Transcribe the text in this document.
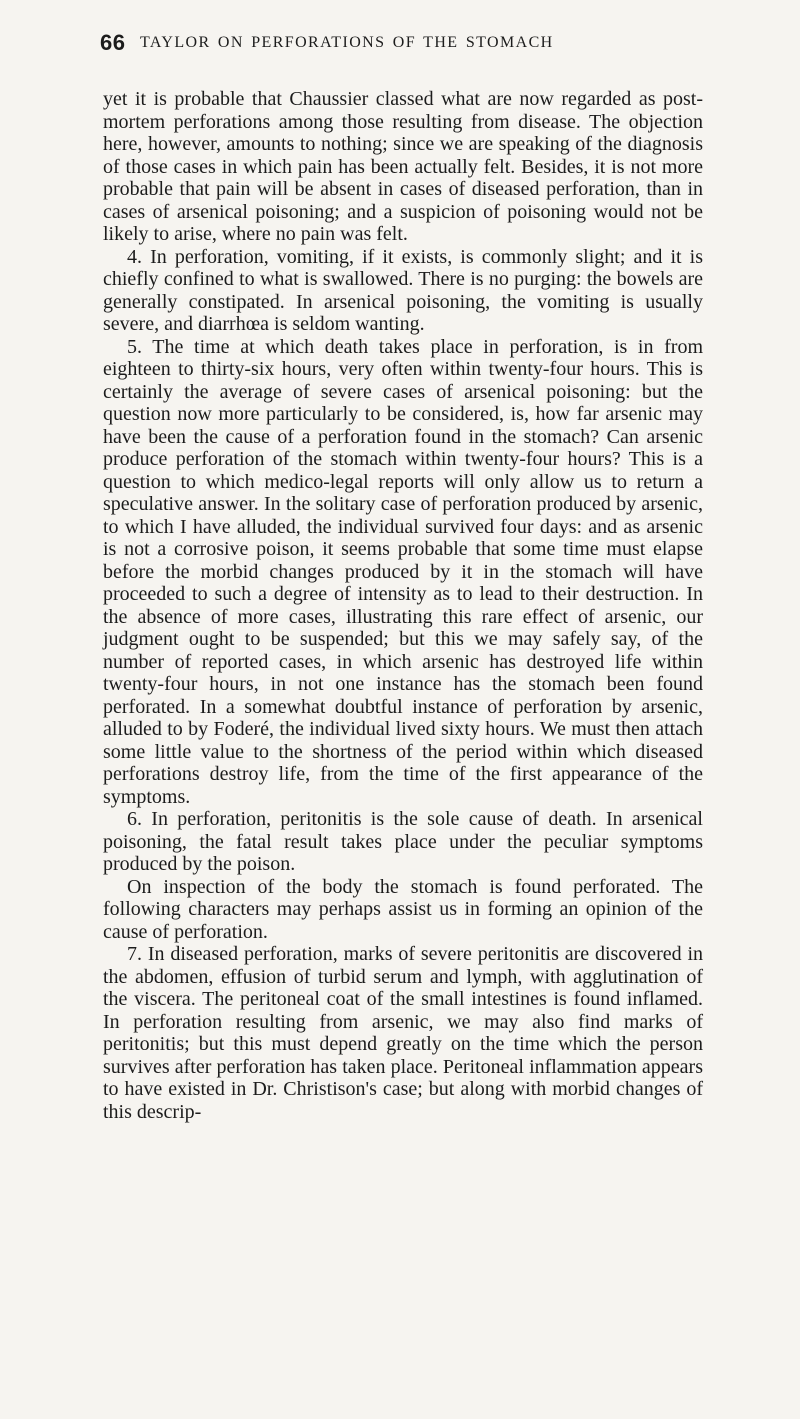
66 TAYLOR ON PERFORATIONS OF THE STOMACH

yet it is probable that Chaussier classed what are now regarded as post-mortem perforations among those resulting from disease. The objection here, however, amounts to nothing; since we are speaking of the diagnosis of those cases in which pain has been actually felt. Besides, it is not more probable that pain will be absent in cases of diseased perforation, than in cases of arsenical poisoning; and a suspicion of poisoning would not be likely to arise, where no pain was felt.

4. In perforation, vomiting, if it exists, is commonly slight; and it is chiefly confined to what is swallowed. There is no purging: the bowels are generally constipated. In arsenical poisoning, the vomiting is usually severe, and diarrhœa is seldom wanting.

5. The time at which death takes place in perforation, is in from eighteen to thirty-six hours, very often within twenty-four hours. This is certainly the average of severe cases of arsenical poisoning: but the question now more particularly to be considered, is, how far arsenic may have been the cause of a perforation found in the stomach? Can arsenic produce perforation of the stomach within twenty-four hours? This is a question to which medico-legal reports will only allow us to return a speculative answer. In the solitary case of perforation produced by arsenic, to which I have alluded, the individual survived four days: and as arsenic is not a corrosive poison, it seems probable that some time must elapse before the morbid changes produced by it in the stomach will have proceeded to such a degree of intensity as to lead to their destruction. In the absence of more cases, illustrating this rare effect of arsenic, our judgment ought to be suspended; but this we may safely say, of the number of reported cases, in which arsenic has destroyed life within twenty-four hours, in not one instance has the stomach been found perforated. In a somewhat doubtful instance of perforation by arsenic, alluded to by Foderé, the individual lived sixty hours. We must then attach some little value to the shortness of the period within which diseased perforations destroy life, from the time of the first appearance of the symptoms.

6. In perforation, peritonitis is the sole cause of death. In arsenical poisoning, the fatal result takes place under the peculiar symptoms produced by the poison.

On inspection of the body the stomach is found perforated. The following characters may perhaps assist us in forming an opinion of the cause of perforation.

7. In diseased perforation, marks of severe peritonitis are discovered in the abdomen, effusion of turbid serum and lymph, with agglutination of the viscera. The peritoneal coat of the small intestines is found inflamed. In perforation resulting from arsenic, we may also find marks of peritonitis; but this must depend greatly on the time which the person survives after perforation has taken place. Peritoneal inflammation appears to have existed in Dr. Christison's case; but along with morbid changes of this descrip-
